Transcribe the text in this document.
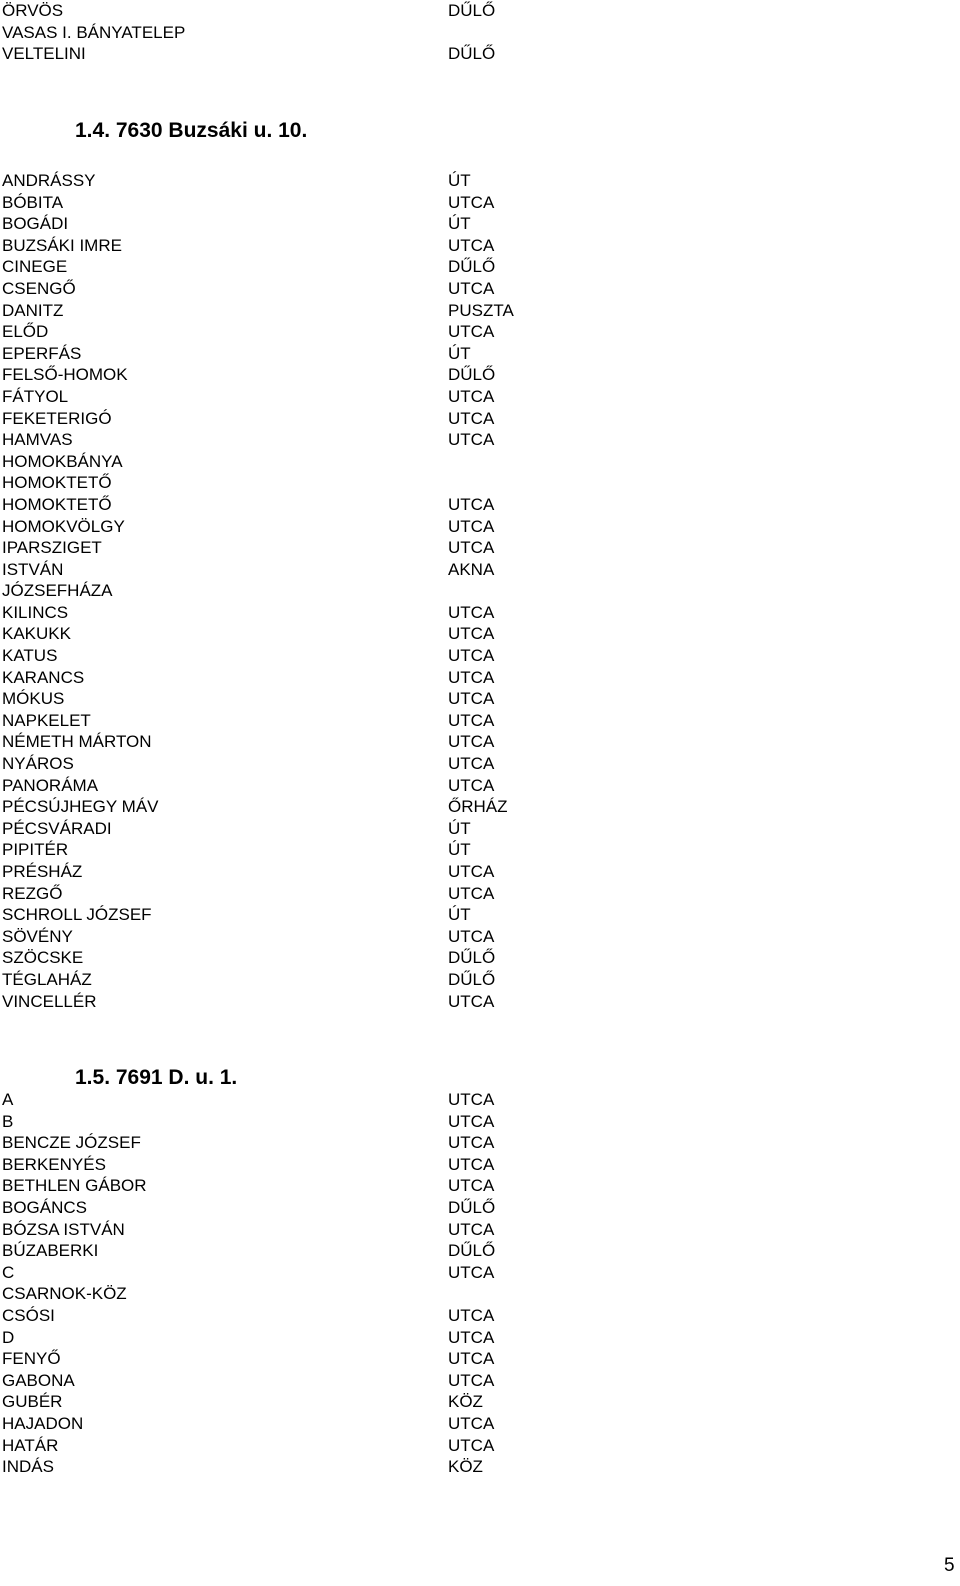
ÖRVÖS	DŰLŐ
VASAS I. BÁNYATELEP
VELTELINI	DŰLŐ
1.4. 7630 Buzsáki u. 10.
ANDRÁSSY	ÚT
BÓBITA	UTCA
BOGÁDI	ÚT
BUZSÁKI IMRE	UTCA
CINEGE	DŰLŐ
CSENGŐ	UTCA
DANITZ	PUSZTA
ELŐD	UTCA
EPERFÁS	ÚT
FELSŐ-HOMOK	DŰLŐ
FÁTYOL	UTCA
FEKETERIGÓ	UTCA
HAMVAS	UTCA
HOMOKBÁNYA
HOMOKTETŐ
HOMOKTETŐ	UTCA
HOMOKVÖLGY	UTCA
IPARSZIGET	UTCA
ISTVÁN	AKNA
JÓZSEFHÁZA
KILINCS	UTCA
KAKUKK	UTCA
KATUS	UTCA
KARANCS	UTCA
MÓKUS	UTCA
NAPKELET	UTCA
NÉMETH MÁRTON	UTCA
NYÁROS	UTCA
PANORÁMA	UTCA
PÉCSÚJHEGY MÁV	ŐRHÁZ
PÉCSVÁRADI	ÚT
PIPITÉR	ÚT
PRÉSHÁZ	UTCA
REZGŐ	UTCA
SCHROLL JÓZSEF	ÚT
SÖVÉNY	UTCA
SZÖCSKE	DŰLŐ
TÉGLAHÁZ	DŰLŐ
VINCELLÉR	UTCA
1.5. 7691 D. u. 1.
A	UTCA
B	UTCA
BENCZE JÓZSEF	UTCA
BERKENYÉS	UTCA
BETHLEN GÁBOR	UTCA
BOGÁNCS	DŰLŐ
BÓZSA ISTVÁN	UTCA
BÚZABERKI	DŰLŐ
C	UTCA
CSARNOK-KÖZ
CSÓSI	UTCA
D	UTCA
FENYŐ	UTCA
GABONA	UTCA
GUBÉR	KÖZ
HAJADON	UTCA
HATÁR	UTCA
INDÁS	KÖZ
5
